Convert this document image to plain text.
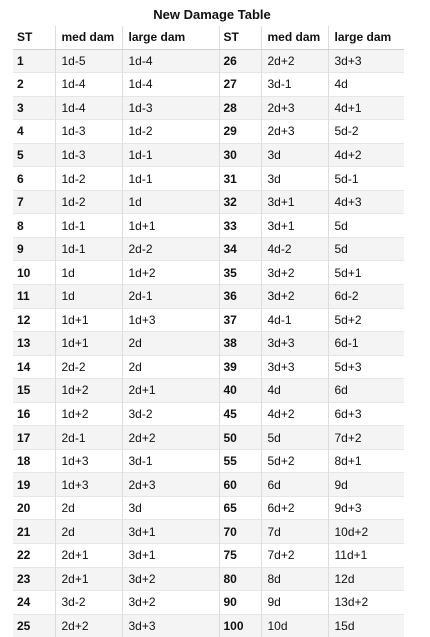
New Damage Table
ST	med dam	large dam	ST	med dam	large dam
1	1d-5	1d-4	26	2d+2	3d+3
2	1d-4	1d-4	27	3d-1	4d
3	1d-4	1d-3	28	2d+3	4d+1
4	1d-3	1d-2	29	2d+3	5d-2
5	1d-3	1d-1	30	3d	4d+2
6	1d-2	1d-1	31	3d	5d-1
7	1d-2	1d	32	3d+1	4d+3
8	1d-1	1d+1	33	3d+1	5d
9	1d-1	2d-2	34	4d-2	5d
10	1d	1d+2	35	3d+2	5d+1
11	1d	2d-1	36	3d+2	6d-2
12	1d+1	1d+3	37	4d-1	5d+2
13	1d+1	2d	38	3d+3	6d-1
14	2d-2	2d	39	3d+3	5d+3
15	1d+2	2d+1	40	4d	6d
16	1d+2	3d-2	45	4d+2	6d+3
17	2d-1	2d+2	50	5d	7d+2
18	1d+3	3d-1	55	5d+2	8d+1
19	1d+3	2d+3	60	6d	9d
20	2d	3d	65	6d+2	9d+3
21	2d	3d+1	70	7d	10d+2
22	2d+1	3d+1	75	7d+2	11d+1
23	2d+1	3d+2	80	8d	12d
24	3d-2	3d+2	90	9d	13d+2
25	2d+2	3d+3	100	10d	15d
